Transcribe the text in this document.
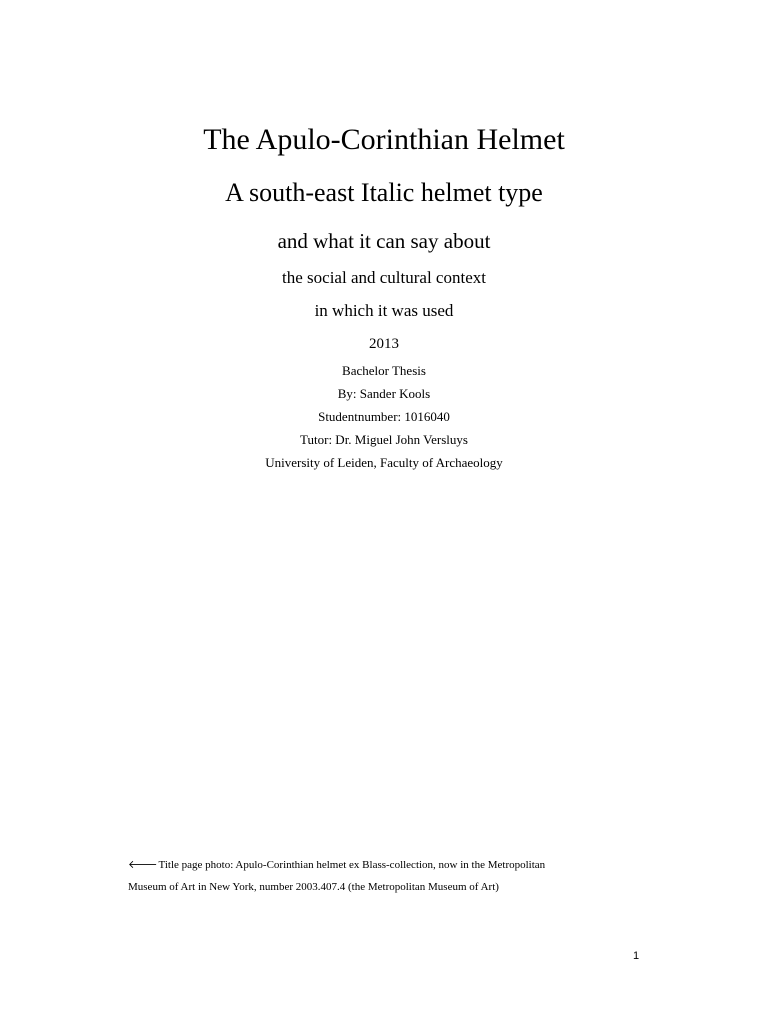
The Apulo-Corinthian Helmet
A south-east Italic helmet type
and what it can say about
the social and cultural context
in which it was used
2013
Bachelor Thesis
By: Sander Kools
Studentnumber: 1016040
Tutor: Dr. Miguel John Versluys
University of Leiden, Faculty of Archaeology
🡐Title page photo: Apulo-Corinthian helmet ex Blass-collection, now in the Metropolitan
Museum of Art in New York, number 2003.407.4 (the Metropolitan Museum of Art)
1
